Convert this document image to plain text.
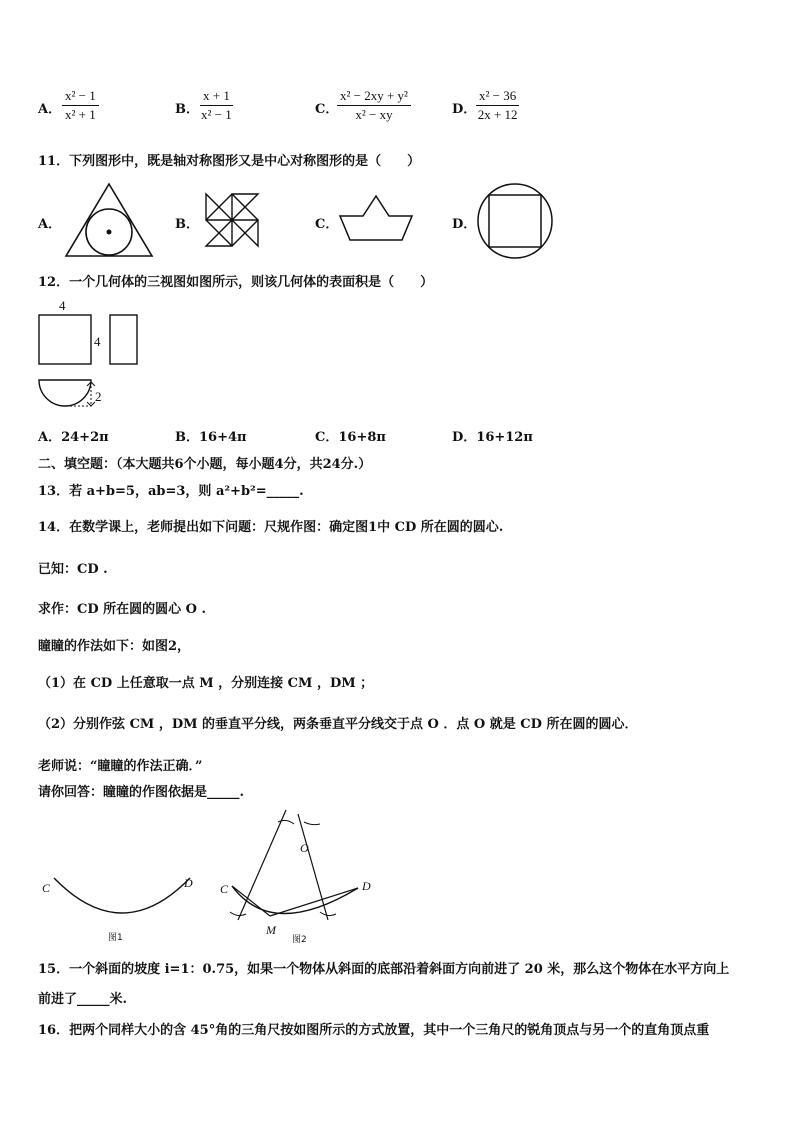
A． $\frac{\text{x² − 1}}{\text{x² + 1}}$	B． $\frac{x + 1}{\text{x² − 1}}$	C．
$\frac{\text{x² − 2xy + y²}}{\text{x² − xy}}$	D． $\frac{\text{x² − 36}}{2x + 12}$
11．下列图形中，既是轴对称图形又是中心对称图形的是（　　）
A．	B．	C．	D．
12．一个几何体的三视图如图所示，则该几何体的表面积是（　　）
4
4
2
A．24+2π	B．16+4π	C．16+8π	D．16+12π
二、填空题：（本大题共6个小题，每小题4分，共24分.）
13．若 a+b=5，ab=3，则 a²+b²=_____.
14．在数学课上，老师提出如下问题：尺规作图：确定图1中 CD 所在圆的圆心.
已知：CD .
求作：CD 所在圆的圆心 O .
瞳瞳的作法如下：如图2，
（1）在 CD 上任意取一点 M ，分别连接 CM ，DM ；
（2）分别作弦 CM ，DM 的垂直平分线，两条垂直平分线交于点 O ．点 O 就是 CD 所在圆的圆心．
老师说：“瞳瞳的作法正确．”
请你回答：瞳瞳的作图依据是_____.
C	D
图1
O
C	D
M
图2
15．一个斜面的坡度 i=1：0.75，如果一个物体从斜面的底部沿着斜面方向前进了 20 米，那么这个物体在水平方向上
前进了_____米.
16．把两个同样大小的含 45°角的三角尺按如图所示的方式放置，其中一个三角尺的锐角顶点与另一个的直角顶点重
